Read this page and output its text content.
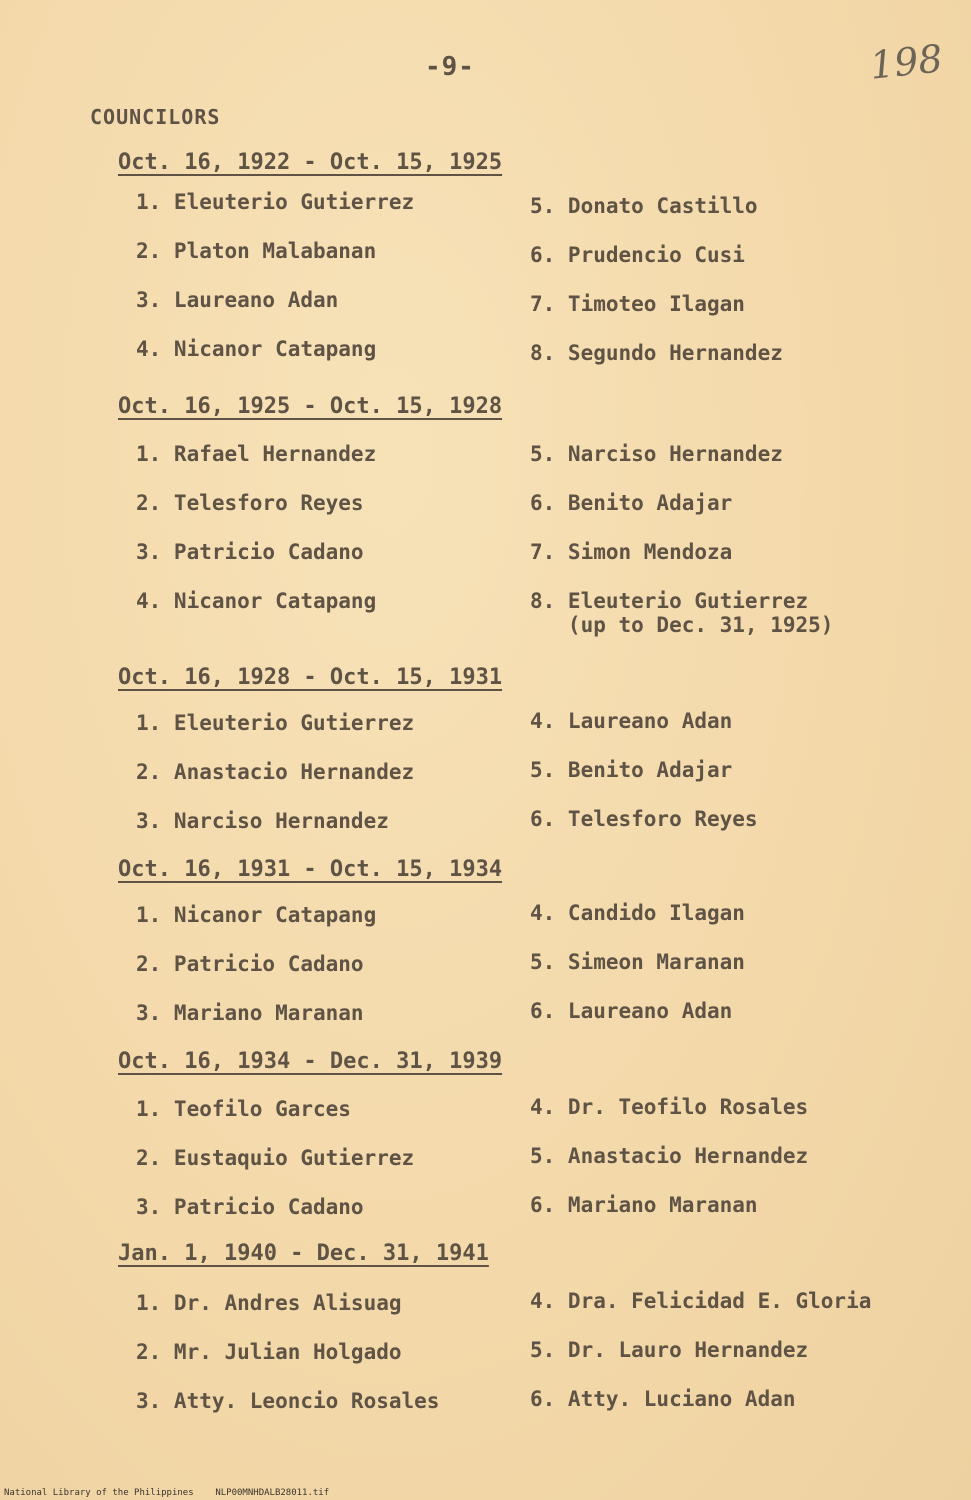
-9-	198
COUNCILORS
Oct. 16, 1922 - Oct. 15, 1925
1. Eleuterio Gutierrez
2. Platon Malabanan
3. Laureano Adan
4. Nicanor Catapang
5. Donato Castillo
6. Prudencio Cusi
7. Timoteo Ilagan
8. Segundo Hernandez
Oct. 16, 1925 - Oct. 15, 1928
1. Rafael Hernandez
2. Telesforo Reyes
3. Patricio Cadano
4. Nicanor Catapang
5. Narciso Hernandez
6. Benito Adajar
7. Simon Mendoza
8. Eleuterio Gutierrez
(up to Dec. 31, 1925)
Oct. 16, 1928 - Oct. 15, 1931
1. Eleuterio Gutierrez
2. Anastacio Hernandez
3. Narciso Hernandez
4. Laureano Adan
5. Benito Adajar
6. Telesforo Reyes
Oct. 16, 1931 - Oct. 15, 1934
1. Nicanor Catapang
2. Patricio Cadano
3. Mariano Maranan
4. Candido Ilagan
5. Simeon Maranan
6. Laureano Adan
Oct. 16, 1934 - Dec. 31, 1939
1. Teofilo Garces
2. Eustaquio Gutierrez
3. Patricio Cadano
4. Dr. Teofilo Rosales
5. Anastacio Hernandez
6. Mariano Maranan
Jan. 1, 1940 - Dec. 31, 1941
1. Dr. Andres Alisuag
2. Mr. Julian Holgado
3. Atty. Leoncio Rosales
4. Dra. Felicidad E. Gloria
5. Dr. Lauro Hernandez
6. Atty. Luciano Adan
National Library of the Philippines NLP00MNHDALB28011.tif
